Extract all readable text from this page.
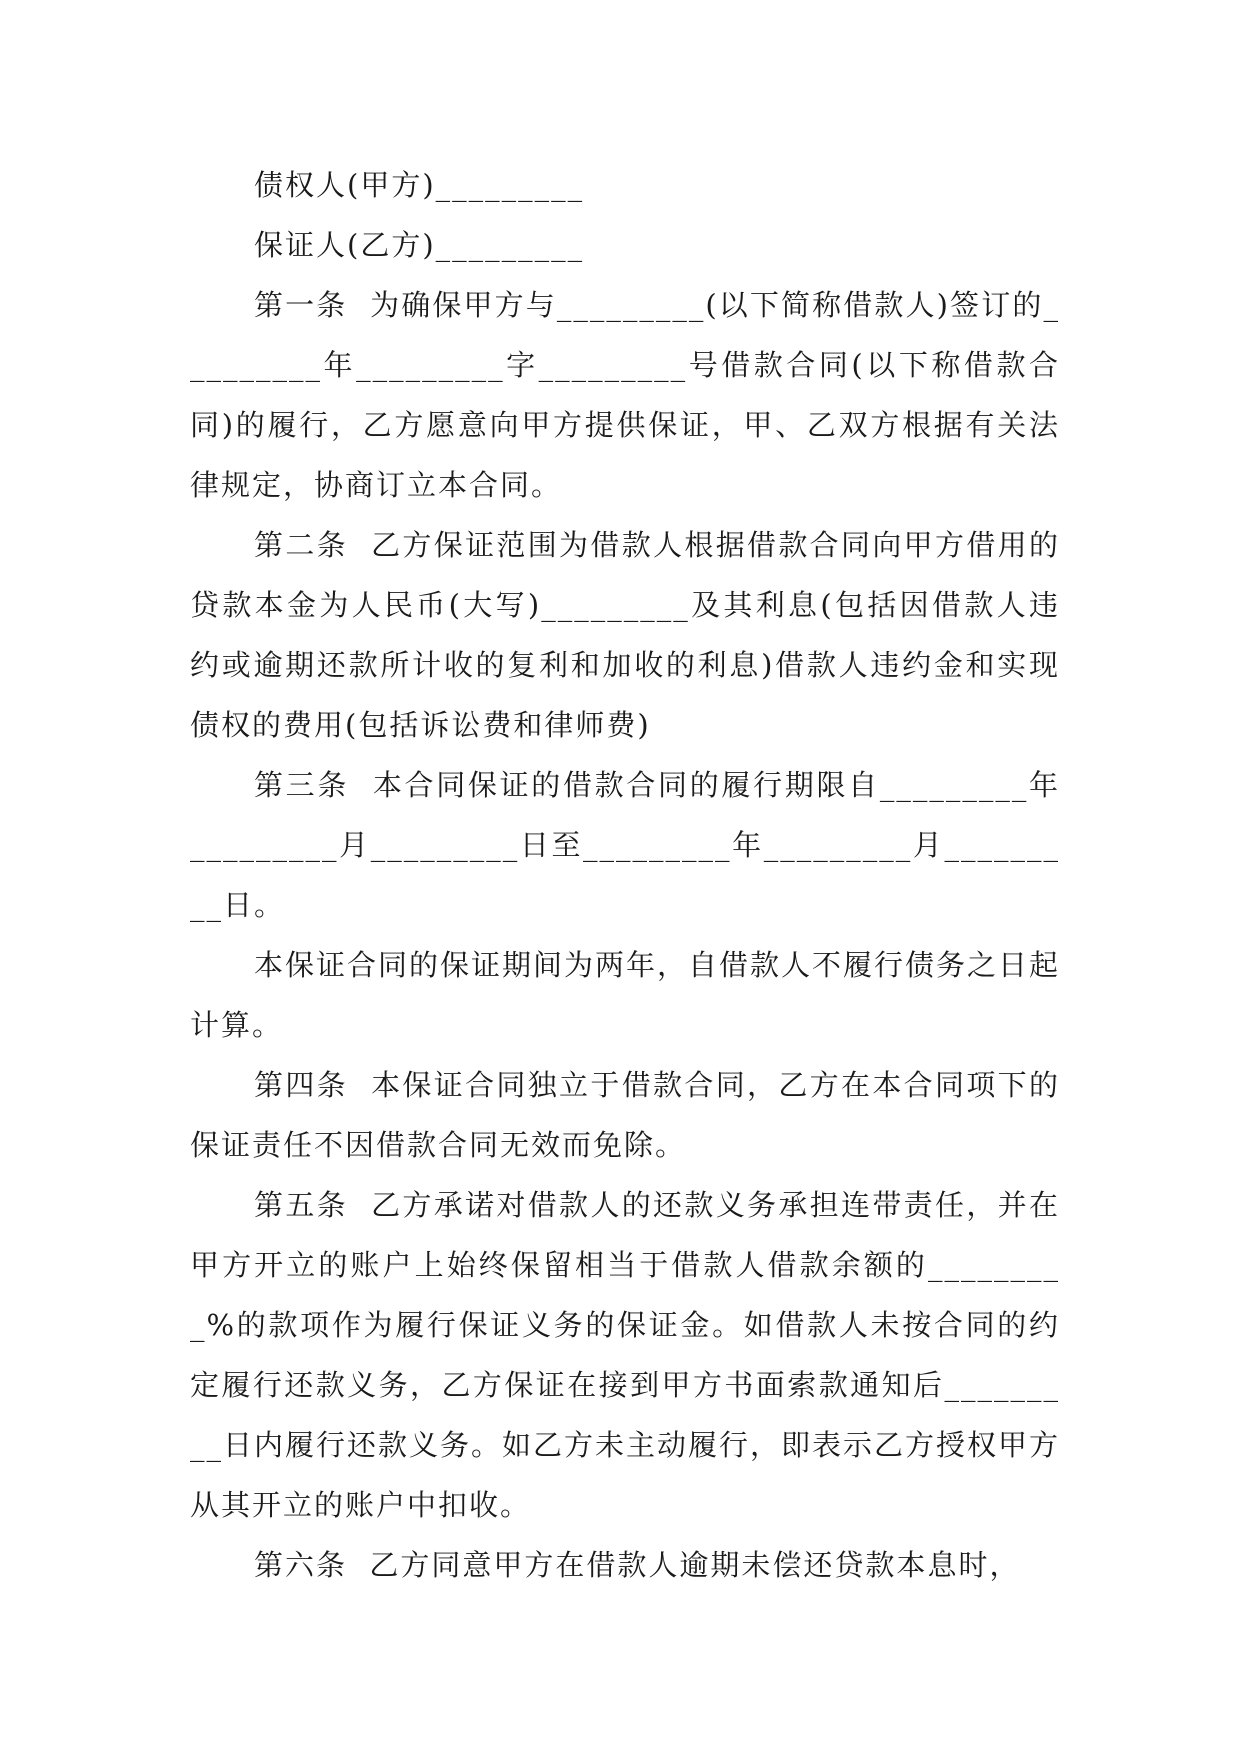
债权人(甲方)_________

保证人(乙方)_________

第一条  为确保甲方与_________(以下简称借款人)签订的_________年_________字_________号借款合同(以下称借款合同)的履行，乙方愿意向甲方提供保证，甲、乙双方根据有关法律规定，协商订立本合同。

第二条  乙方保证范围为借款人根据借款合同向甲方借用的贷款本金为人民币(大写)_________及其利息(包括因借款人违约或逾期还款所计收的复利和加收的利息)借款人违约金和实现债权的费用(包括诉讼费和律师费)

第三条  本合同保证的借款合同的履行期限自_________年_________月_________日至_________年_________月_________日。

本保证合同的保证期间为两年，自借款人不履行债务之日起计算。

第四条  本保证合同独立于借款合同，乙方在本合同项下的保证责任不因借款合同无效而免除。

第五条  乙方承诺对借款人的还款义务承担连带责任，并在甲方开立的账户上始终保留相当于借款人借款余额的_________%的款项作为履行保证义务的保证金。如借款人未按合同的约定履行还款义务，乙方保证在接到甲方书面索款通知后_________日内履行还款义务。如乙方未主动履行，即表示乙方授权甲方从其开立的账户中扣收。

第六条  乙方同意甲方在借款人逾期未偿还贷款本息时，
